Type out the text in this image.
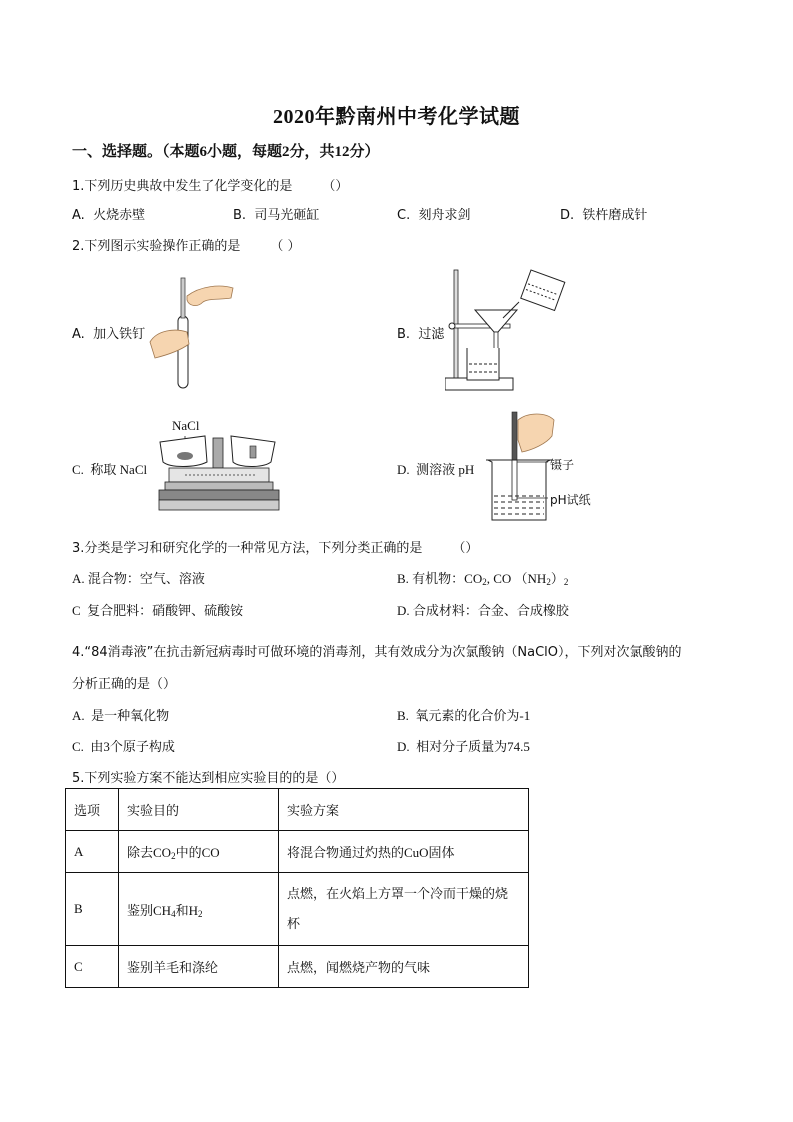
2020年黔南州中考化学试题
一、选择题。（本题6小题，每题2分，共12分）
1.下列历史典故中发生了化学变化的是 （）
A. 火烧赤壁	B. 司马光砸缸	C. 刻舟求剑	D. 铁杵磨成针
2.下列图示实验操作正确的是 （ ）
A. 加入铁钉	B. 过滤
C. 称取 NaCl
NaCl
D. 测溶液 pH	镊子
pH试纸
3.分类是学习和研究化学的一种常见方法，下列分类正确的是 （）
A. 混合物：空气、溶液	B. 有机物：$CO_2$, CO $(NH_2)_2$
C 复合肥料：硝酸钾、硫酸铵	D. 合成材料：合金、合成橡胶
4.“84消毒液”在抗击新冠病毒时可做环境的消毒剂，其有效成分为次氯酸钠（NaClO），下列对次氯酸钠的
分析正确的是（）
A. 是一种氧化物	B. 氧元素的化合价为-1
C. 由3个原子构成	D. 相对分子质量为74.5
5.下列实验方案不能达到相应实验目的的是（）
选项	实验目的	实验方案
A	除去$CO_2$中的CO	将混合物通过灼热的CuO固体
B	鉴别$CH_4$和$H_2$	点燃，在火焰上方罩一个冷而干燥的烧
杯
C	鉴别羊毛和涤纶	点燃，闻燃烧产物的气味
